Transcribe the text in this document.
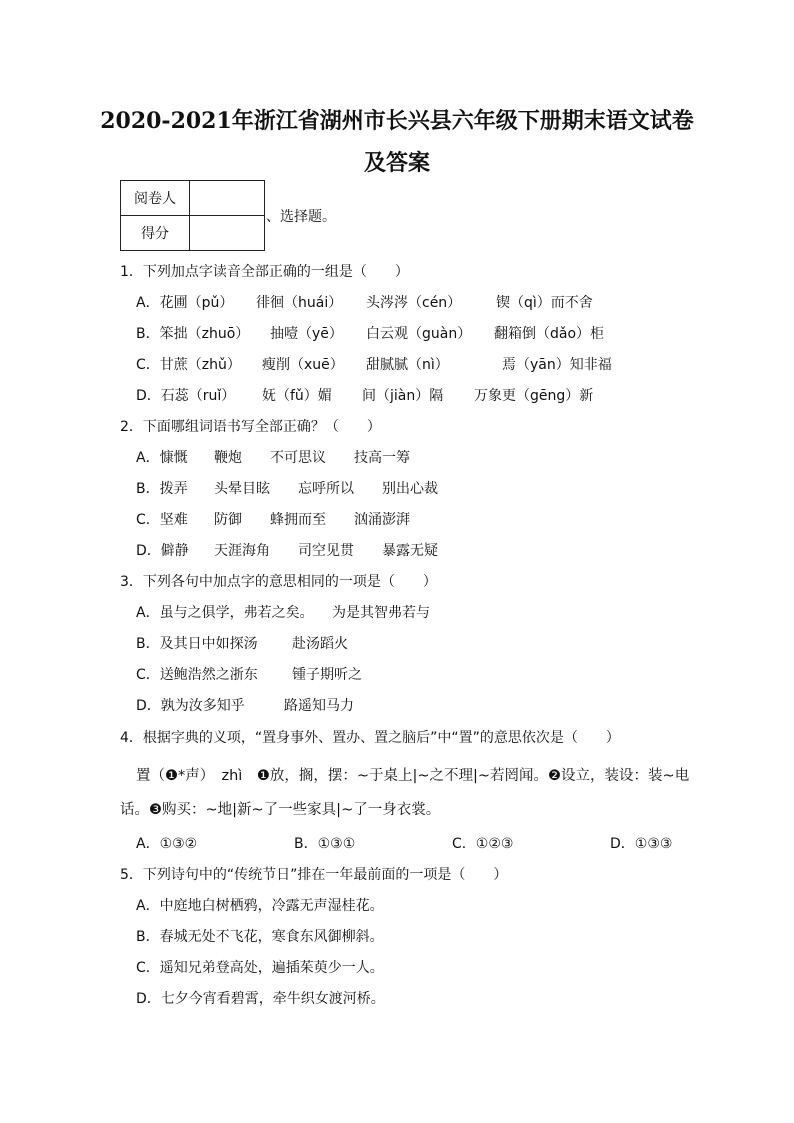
2020-2021年浙江省湖州市长兴县六年级下册期末语文试卷
及答案
阅卷人	
得分	
、选择题。
1．下列加点字读音全部正确的一组是（　　）
A．花圃（pǔ） 徘徊（huái） 头涔涔（cén） 锲（qì）而不舍
B．笨拙（zhuō） 抽噎（yē） 白云观（guàn） 翻箱倒（dǎo）柜
C．甘蔗（zhǔ） 瘦削（xuē） 甜腻腻（nì）	焉（yān）知非福
D．石蕊（ruǐ） 妩（fǔ）媚 间（jiàn）隔 万象更（gēng）新
2．下面哪组词语书写全部正确？（　　）
A．慷慨 鞭炮 不可思议 技高一筹
B．拨弄 头晕目眩 忘呼所以 别出心裁
C．坚难 防御 蜂拥而至 汹涌澎湃
D．僻静 天涯海角 司空见贯 暴露无疑
3．下列各句中加点字的意思相同的一项是（　　）
A．虽与之俱学，弗若之矣。 为是其智弗若与
B．及其日中如探汤 赴汤蹈火
C．送鲍浩然之浙东 锺子期听之
D．孰为汝多知乎	路遥知马力
4．根据字典的义项，“置身事外、置办、置之脑后”中“置”的意思依次是（　　）
置（❶*声）　zhì　❶放，搁，摆：~于桌上|~之不理|~若罔闻。❷设立，装设：装~电
话。❸购买：~地|新~了一些家具|~了一身衣裳。
A．①③②	B．①③①	C．①②③	D．①③③
5．下列诗句中的“传统节日”排在一年最前面的一项是（　　）
A．中庭地白树栖鸦，冷露无声湿桂花。
B．春城无处不飞花，寒食东风御柳斜。
C．遥知兄弟登高处，遍插茱萸少一人。
D．七夕今宵看碧霄，牵牛织女渡河桥。
